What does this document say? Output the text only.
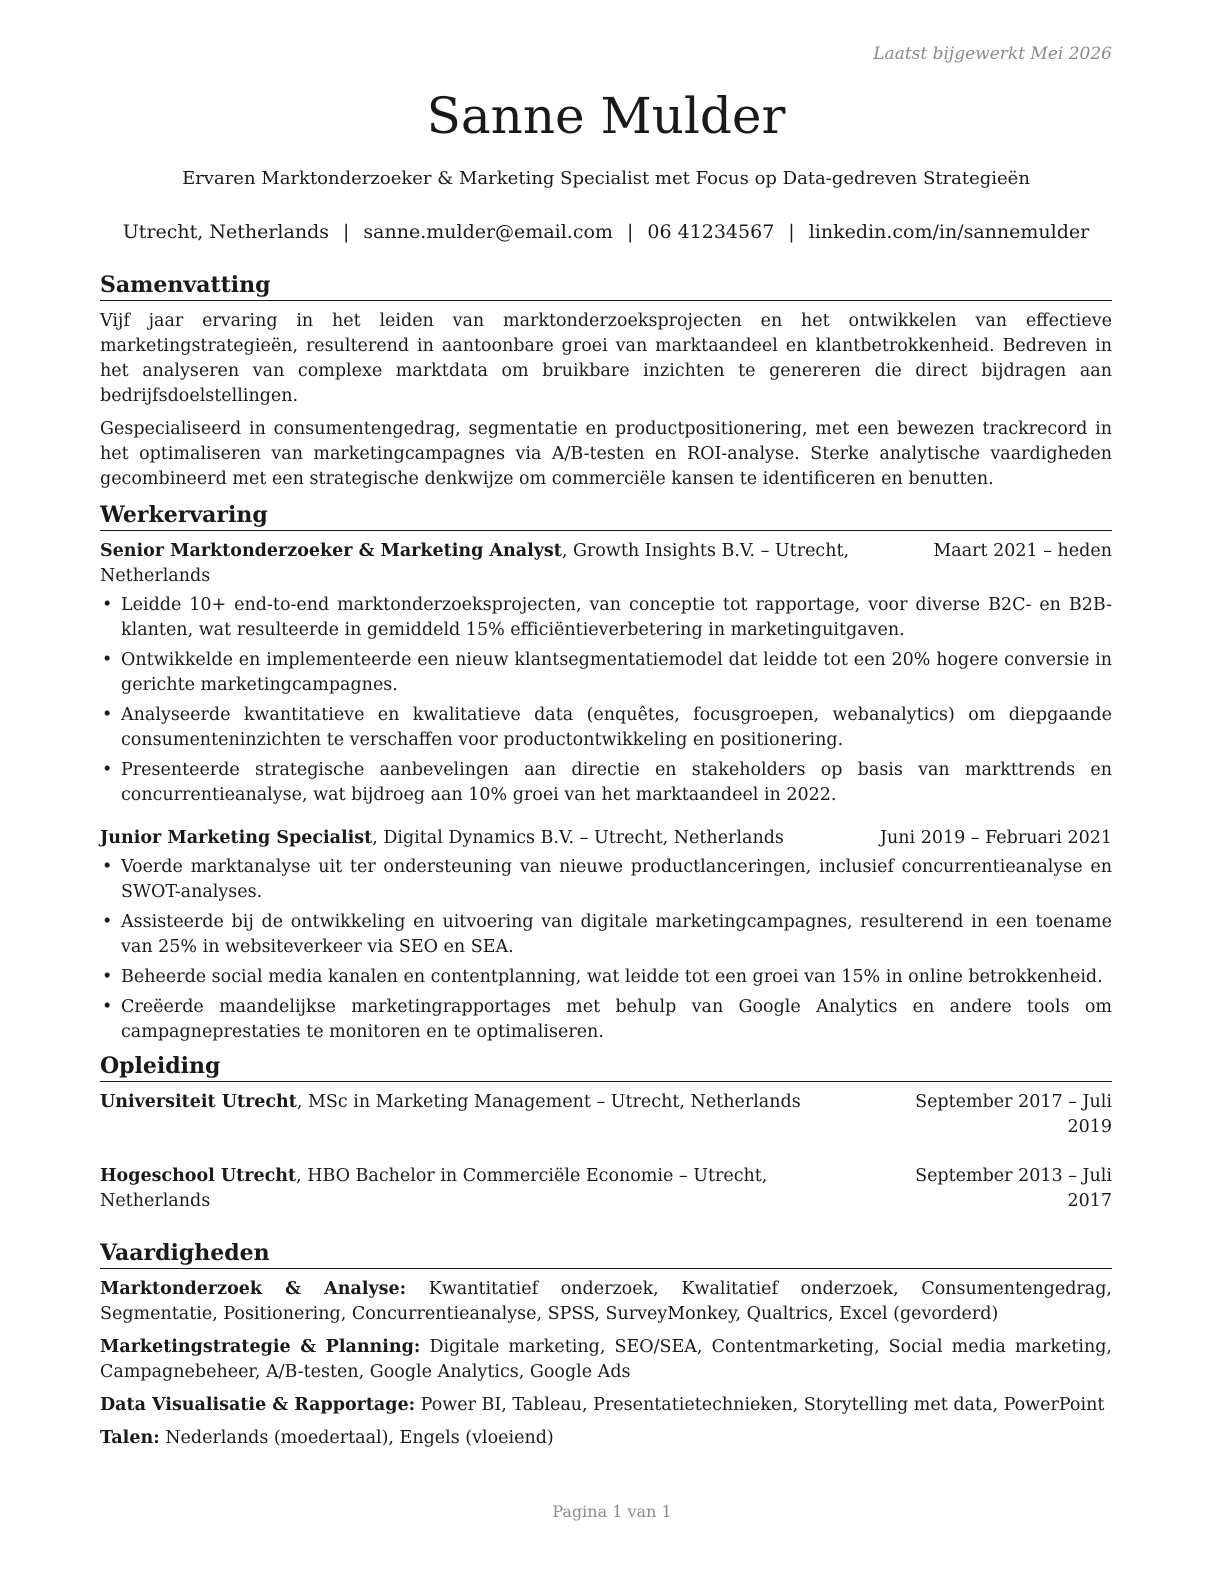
Laatst bijgewerkt Mei 2026
Sanne Mulder
Ervaren Marktonderzoeker & Marketing Specialist met Focus op Data-gedreven Strategieën
Utrecht, Netherlands | sanne.mulder@email.com | 06 41234567 | linkedin.com/in/sannemulder
Samenvatting

Vijf jaar ervaring in het leiden van marktonderzoeksprojecten en het ontwikkelen van effectieve marketingstrategieën, resulterend in aantoonbare groei van marktaandeel en klantbetrokkenheid. Bedreven in het analyseren van complexe marktdata om bruikbare inzichten te genereren die direct bijdragen aan bedrijfsdoelstellingen.

Gespecialiseerd in consumentengedrag, segmentatie en productpositionering, met een bewezen trackrecord in het optimaliseren van marketingcampagnes via A/B-testen en ROI-analyse. Sterke analytische vaardigheden gecombineerd met een strategische denkwijze om commerciële kansen te identificeren en benutten.

Werkervaring
Senior Marktonderzoeker & Marketing Analyst, Growth Insights B.V. – Utrecht, Netherlands
Maart 2021 – heden
• Leidde 10+ end-to-end marktonderzoeksprojecten, van conceptie tot rapportage, voor diverse B2C- en B2B-klanten, wat resulteerde in gemiddeld 15% efficiëntieverbetering in marketinguitgaven.
• Ontwikkelde en implementeerde een nieuw klantsegmentatiemodel dat leidde tot een 20% hogere conversie in gerichte marketingcampagnes.
• Analyseerde kwantitatieve en kwalitatieve data (enquêtes, focusgroepen, webanalytics) om diepgaande consumenteninzichten te verschaffen voor productontwikkeling en positionering.
• Presenteerde strategische aanbevelingen aan directie en stakeholders op basis van markttrends en concurrentieanalyse, wat bijdroeg aan 10% groei van het marktaandeel in 2022.
Junior Marketing Specialist, Digital Dynamics B.V. – Utrecht, Netherlands	Juni 2019 – Februari 2021
• Voerde marktanalyse uit ter ondersteuning van nieuwe productlanceringen, inclusief concurrentieanalyse en SWOT-analyses.
• Assisteerde bij de ontwikkeling en uitvoering van digitale marketingcampagnes, resulterend in een toename van 25% in websiteverkeer via SEO en SEA.
• Beheerde social media kanalen en contentplanning, wat leidde tot een groei van 15% in online betrokkenheid.
• Creëerde maandelijkse marketingrapportages met behulp van Google Analytics en andere tools om campagneprestaties te monitoren en te optimaliseren.
Opleiding
Universiteit Utrecht, MSc in Marketing Management – Utrecht, Netherlands	September 2017 – Juli 2019
Hogeschool Utrecht, HBO Bachelor in Commerciële Economie – Utrecht, Netherlands
September 2013 – Juli 2017
Vaardigheden

Marktonderzoek & Analyse: Kwantitatief onderzoek, Kwalitatief onderzoek, Consumentengedrag, Segmentatie, Positionering, Concurrentieanalyse, SPSS, SurveyMonkey, Qualtrics, Excel (gevorderd)

Marketingstrategie & Planning: Digitale marketing, SEO/SEA, Contentmarketing, Social media marketing, Campagnebeheer, A/B-testen, Google Analytics, Google Ads

Data Visualisatie & Rapportage: Power BI, Tableau, Presentatietechnieken, Storytelling met data, PowerPoint

Talen: Nederlands (moedertaal), Engels (vloeiend)

Pagina 1 van 1
